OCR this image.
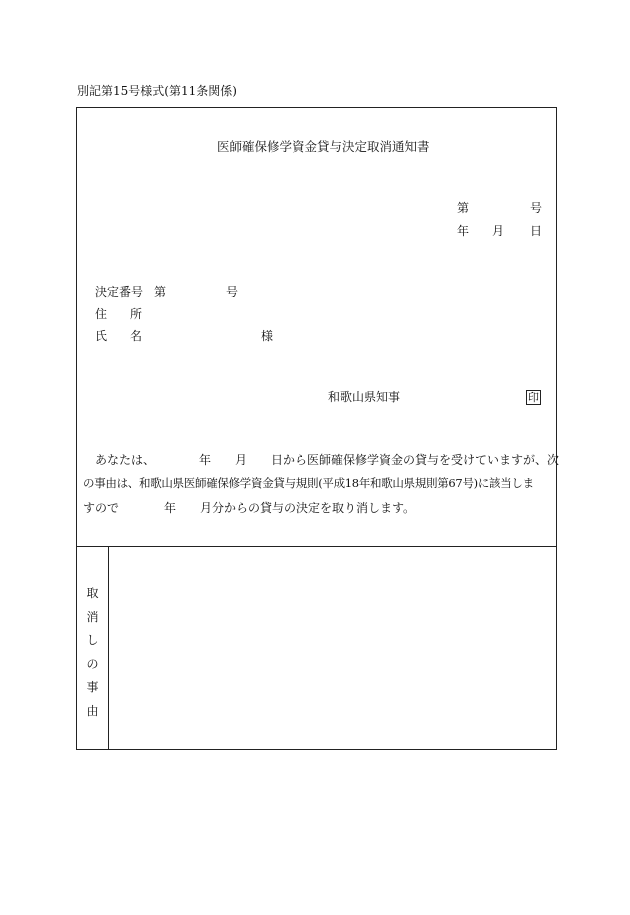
別記第15号様式(第11条関係)
医師確保修学資金貸与決定取消通知書
第	号
年 月 日
決定番号 第	号
住 所
氏 名	様
和歌山県知事	印
あなたは、	年 月 日から医師確保修学資金の貸与を受けていますが、次
の事由は、和歌山県医師確保修学資金貸与規則(平成18年和歌山県規則第67号)に該当しま
すので	年 月分からの貸与の決定を取り消します。
取
消
し
の
事
由
